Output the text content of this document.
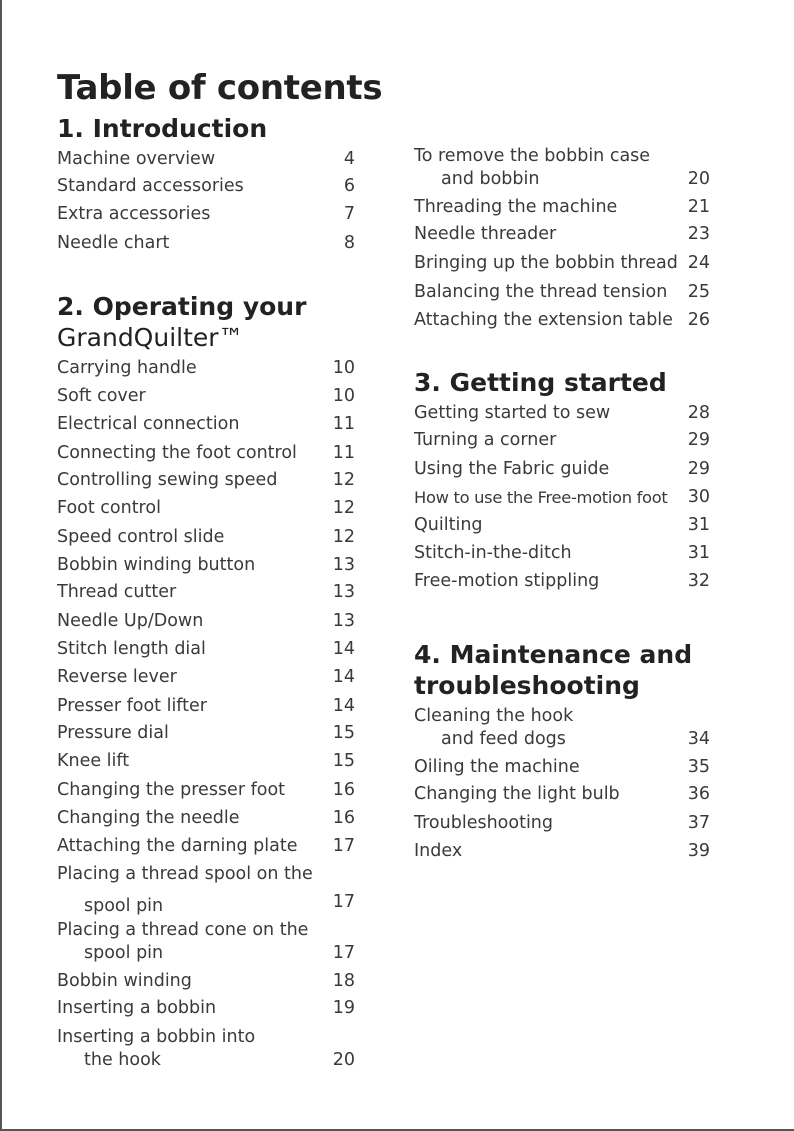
Table of contents
1. Introduction
Machine overview	4
Standard accessories	6
Extra accessories	7
Needle chart	8
2. Operating your
GrandQuilter™
Carrying handle	10
Soft cover	10
Electrical connection	11
Connecting the foot control 11
Controlling sewing speed	12
Foot control	12
Speed control slide	12
Bobbin winding button	13
Thread cutter	13
Needle Up/Down	13
Stitch length dial	14
Reverse lever	14
Presser foot lifter	14
Pressure dial	15
Knee lift	15
Changing the presser foot	16
Changing the needle	16
Attaching the darning plate 17
Placing a thread spool on the
spool pin	17
Placing a thread cone on the
spool pin	17
Bobbin winding	18
Inserting a bobbin	19
Inserting a bobbin into
the hook	20
To remove the bobbin case
and bobbin	20
Threading the machine	21
Needle threader	23
Bringing up the bobbin thread 24
Balancing the thread tension 25
Attaching the extension table 26
3. Getting started
Getting started to sew	28
Turning a corner	29
Using the Fabric guide	29
How to use the Free-motion foot 30
Quilting	31
Stitch-in-the-ditch	31
Free-motion stippling	32
4. Maintenance and
troubleshooting
Cleaning the hook
and feed dogs	34
Oiling the machine	35
Changing the light bulb	36
Troubleshooting	37
Index	39
